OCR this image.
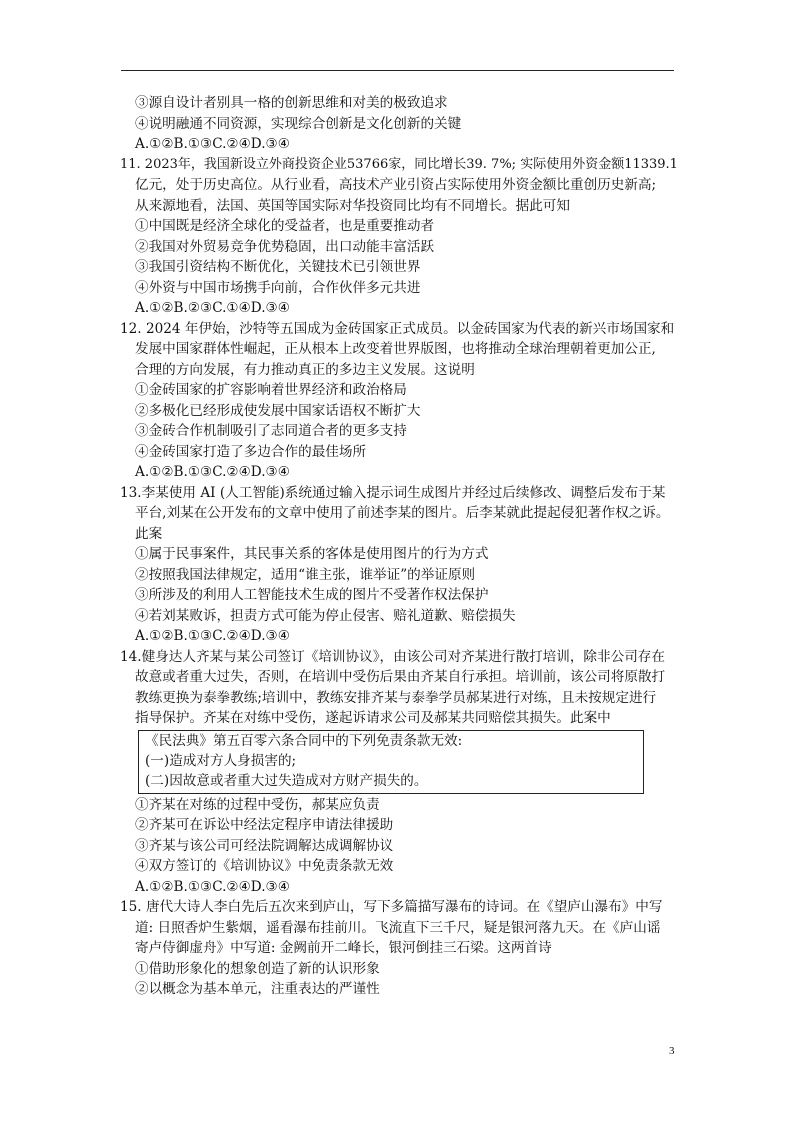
③源自设计者别具一格的创新思维和对美的极致追求
④说明融通不同资源，实现综合创新是文化创新的关键
A.①②B.①③C.②④D.③④
11. 2023年，我国新设立外商投资企业53766家，同比增长39. 7%; 实际使用外资金额11339.1
亿元，处于历史高位。从行业看，高技术产业引资占实际使用外资金额比重创历史新高;
从来源地看，法国、英国等国实际对华投资同比均有不同增长。据此可知
①中国既是经济全球化的受益者，也是重要推动者
②我国对外贸易竞争优势稳固，出口动能丰富活跃
③我国引资结构不断优化，关键技术已引领世界
④外资与中国市场携手向前，合作伙伴多元共进
A.①②B.②③C.①④D.③④
12. 2024 年伊始，沙特等五国成为金砖国家正式成员。以金砖国家为代表的新兴市场国家和
发展中国家群体性崛起，正从根本上改变着世界版图，也将推动全球治理朝着更加公正,
合理的方向发展，有力推动真正的多边主义发展。这说明
①金砖国家的扩容影响着世界经济和政治格局
②多极化已经形成使发展中国家话语权不断扩大
③金砖合作机制吸引了志同道合者的更多支持
④金砖国家打造了多边合作的最佳场所
A.①②B.①③C.②④D.③④
13.李某使用 AI (人工智能)系统通过输入提示词生成图片并经过后续修改、调整后发布于某
平台,刘某在公开发布的文章中使用了前述李某的图片。后李某就此提起侵犯著作权之诉。
此案
①属于民事案件，其民事关系的客体是使用图片的行为方式
②按照我国法律规定，适用“谁主张，谁举证”的举证原则
③所涉及的利用人工智能技术生成的图片不受著作权法保护
④若刘某败诉，担责方式可能为停止侵害、赔礼道歉、赔偿损失
A.①②B.①③C.②④D.③④
14.健身达人齐某与某公司签订《培训协议》，由该公司对齐某进行散打培训，除非公司存在
故意或者重大过失，否则，在培训中受伤后果由齐某自行承担。培训前，该公司将原散打
教练更换为泰拳教练;培训中，教练安排齐某与泰拳学员郝某进行对练，且未按规定进行
指导保护。齐某在对练中受伤，遂起诉请求公司及郝某共同赔偿其损失。此案中
《民法典》第五百零六条合同中的下列免责条款无效:
(一)造成对方人身损害的;
(二)因故意或者重大过失造成对方财产损失的。
①齐某在对练的过程中受伤，郝某应负责
②齐某可在诉讼中经法定程序申请法律援助
③齐某与该公司可经法院调解达成调解协议
④双方签订的《培训协议》中免责条款无效
A.①②B.①③C.②④D.③④
15. 唐代大诗人李白先后五次来到庐山，写下多篇描写瀑布的诗词。在《望庐山瀑布》中写
道: 日照香炉生紫烟，遥看瀑布挂前川。飞流直下三千尺，疑是银河落九天。在《庐山谣
寄卢侍御虚舟》中写道: 金阙前开二峰长，银河倒挂三石梁。这两首诗
①借助形象化的想象创造了新的认识形象
②以概念为基本单元，注重表达的严谨性
3
